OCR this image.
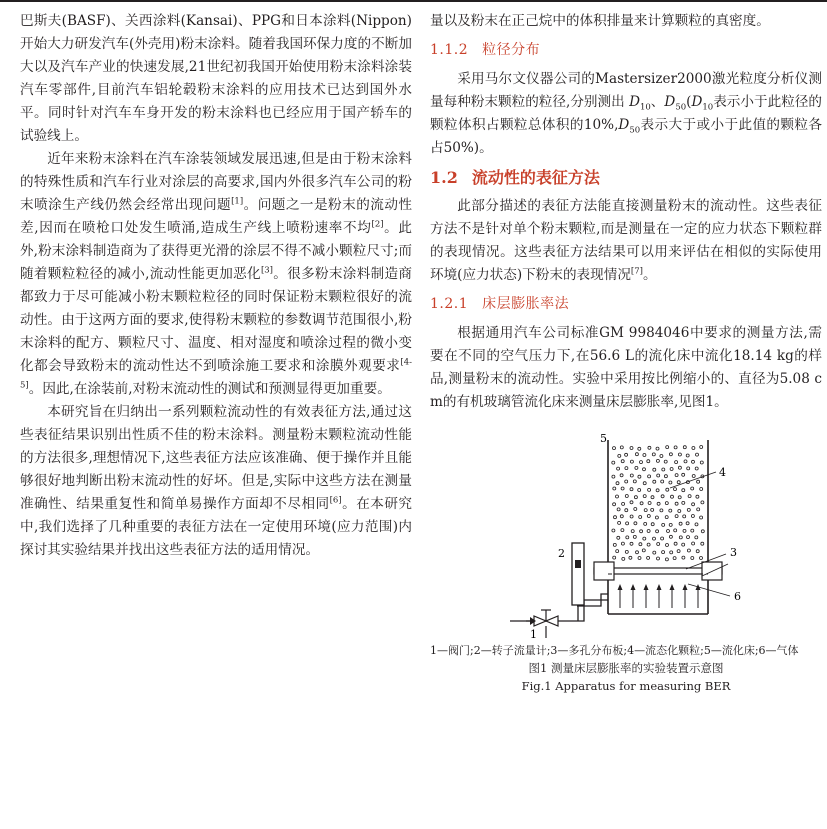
巴斯夫(BASF)、关西涂料(Kansai)、PPG和日本涂料(Nippon)开始大力研发汽车(外壳用)粉末涂料。随着我国环保力度的不断加大以及汽车产业的快速发展,21世纪初我国开始使用粉末涂料涂装汽车零部件,目前汽车铝轮毂粉末涂料的应用技术已达到国外水平。同时针对汽车车身开发的粉末涂料也已经应用于国产轿车的试验线上。

近年来粉末涂料在汽车涂装领域发展迅速,但是由于粉末涂料的特殊性质和汽车行业对涂层的高要求,国内外很多汽车公司的粉末喷涂生产线仍然会经常出现问题[1]。问题之一是粉末的流动性差,因而在喷枪口处发生喷涌,造成生产线上喷粉速率不均[2]。此外,粉末涂料制造商为了获得更光滑的涂层不得不减小颗粒尺寸;而随着颗粒粒径的减小,流动性能更加恶化[3]。很多粉末涂料制造商都致力于尽可能减小粉末颗粒粒径的同时保证粉末颗粒很好的流动性。由于这两方面的要求,使得粉末颗粒的参数调节范围很小,粉末涂料的配方、颗粒尺寸、温度、相对湿度和喷涂过程的微小变化都会导致粉末的流动性达不到喷涂施工要求和涂膜外观要求[4-5]。因此,在涂装前,对粉末流动性的测试和预测显得更加重要。

本研究旨在归纳出一系列颗粒流动性的有效表征方法,通过这些表征结果识别出性质不佳的粉末涂料。测量粉末颗粒流动性能的方法很多,理想情况下,这些表征方法应该准确、便于操作并且能够很好地判断出粉末流动性的好坏。但是,实际中这些方法在测量准确性、结果重复性和简单易操作方面却不尽相同[6]。在本研究中,我们选择了几种重要的表征方法在一定使用环境(应力范围)内探讨其实验结果并找出这些表征方法的适用情况。

量以及粉末在正己烷中的体积排量来计算颗粒的真密度。

1.1.2 粒径分布

采用马尔文仪器公司的Mastersizer2000激光粒度分析仪测量每种粉末颗粒的粒径,分别测出 $D_{10}$、$D_{50}(D_{10}$表示小于此粒径的颗粒体积占颗粒总体积的$10\%,D_{50}$表示大于或小于此值的颗粒各占50%)。

1.2 流动性的表征方法

此部分描述的表征方法能直接测量粉末的流动性。这些表征方法不是针对单个粉末颗粒,而是测量在一定的应力状态下颗粒群的表现情况。这些表征方法结果可以用来评估在相似的实际使用环境(应力状态)下粉末的表现情况[7]。

1.2.1 床层膨胀率法

根据通用汽车公司标准GM 9984046中要求的测量方法,需要在不同的空气压力下,在56.6 L的流化床中流化18.14 kg的样品,测量粉末的流动性。实验中采用按比例缩小的、直径为5.08 cm的有机玻璃管流化床来测量床层膨胀率,见图1。

5
4
3
6
2
1

1—阀门;2—转子流量计;3—多孔分布板;4—流态化颗粒;5—流化床;6—气体

图1 测量床层膨胀率的实验装置示意图

Fig.1 Apparatus for measuring BER
